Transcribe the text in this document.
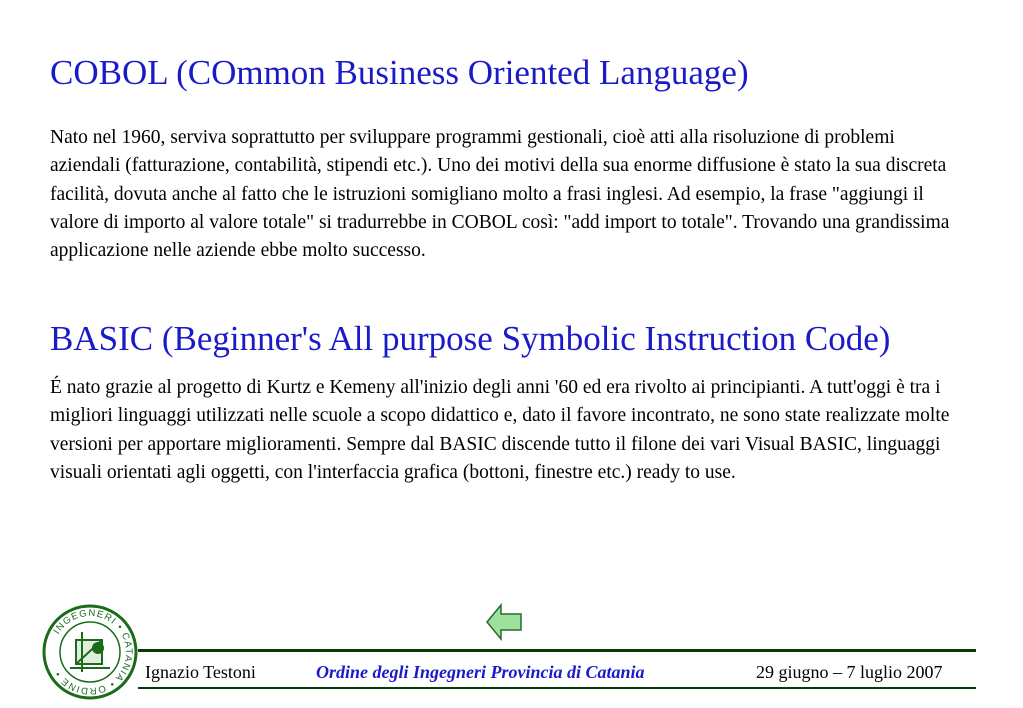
COBOL (COmmon Business Oriented Language)

Nato nel 1960, serviva soprattutto per sviluppare programmi gestionali, cioè atti alla risoluzione di problemi aziendali (fatturazione, contabilità, stipendi etc.). Uno dei motivi della sua enorme diffusione è stato la sua discreta facilità, dovuta anche al fatto che le istruzioni somigliano molto a frasi inglesi. Ad esempio, la frase "aggiungi il valore di importo al valore totale" si tradurrebbe in COBOL così: "add import to totale". Trovando una grandissima applicazione nelle aziende ebbe molto successo.

BASIC (Beginner's All purpose Symbolic Instruction Code)

É nato grazie al progetto di Kurtz e Kemeny all'inizio degli anni '60 ed era rivolto ai principianti. A tutt'oggi è tra i migliori linguaggi utilizzati nelle scuole a scopo didattico e, dato il favore incontrato, ne sono state realizzate molte versioni per apportare miglioramenti. Sempre dal BASIC discende tutto il filone dei vari Visual BASIC, linguaggi visuali orientati agli oggetti, con l'interfaccia grafica (bottoni, finestre etc.) ready to use.

INGEGNERI • CATANIA • ORDINE •	Ignazio Testoni	Ordine degli Ingegneri Provincia di Catania	29 giugno – 7 luglio 2007
